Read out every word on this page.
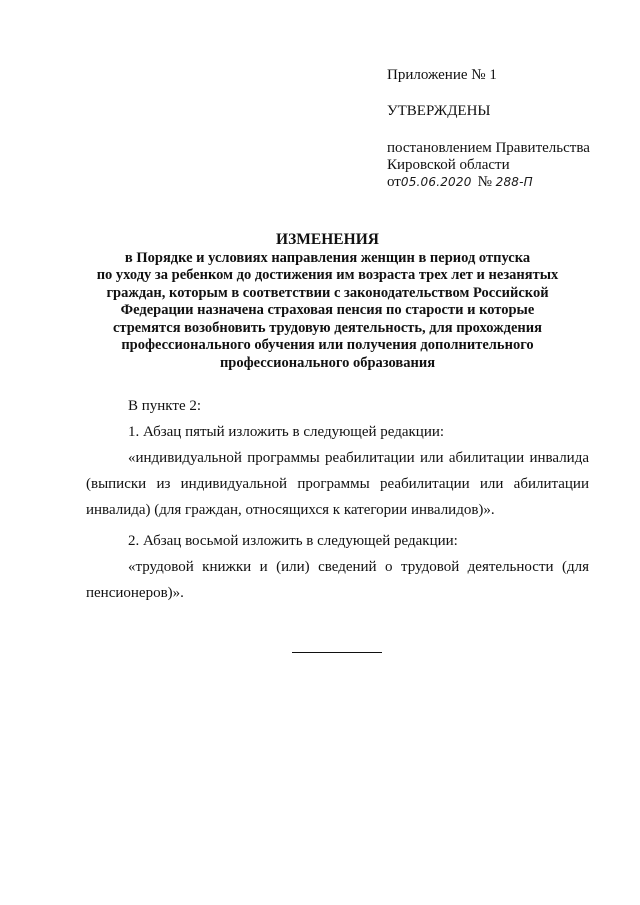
Приложение № 1

УТВЕРЖДЕНЫ

постановлением Правительства
Кировской области
от05.06.2020 № 288-П
ИЗМЕНЕНИЯ
в Порядке и условиях направления женщин в период отпуска
по уходу за ребенком до достижения им возраста трех лет и незанятых
граждан, которым в соответствии с законодательством Российской
Федерации назначена страховая пенсия по старости и которые
стремятся возобновить трудовую деятельность, для прохождения
профессионального обучения или получения дополнительного
профессионального образования

В пункте 2:

1. Абзац пятый изложить в следующей редакции:

«индивидуальной программы реабилитации или абилитации инвалида (выписки из индивидуальной программы реабилитации или абилитации инвалида) (для граждан, относящихся к категории инвалидов)».

2. Абзац восьмой изложить в следующей редакции:

«трудовой книжки и (или) сведений о трудовой деятельности (для пенсионеров)».
